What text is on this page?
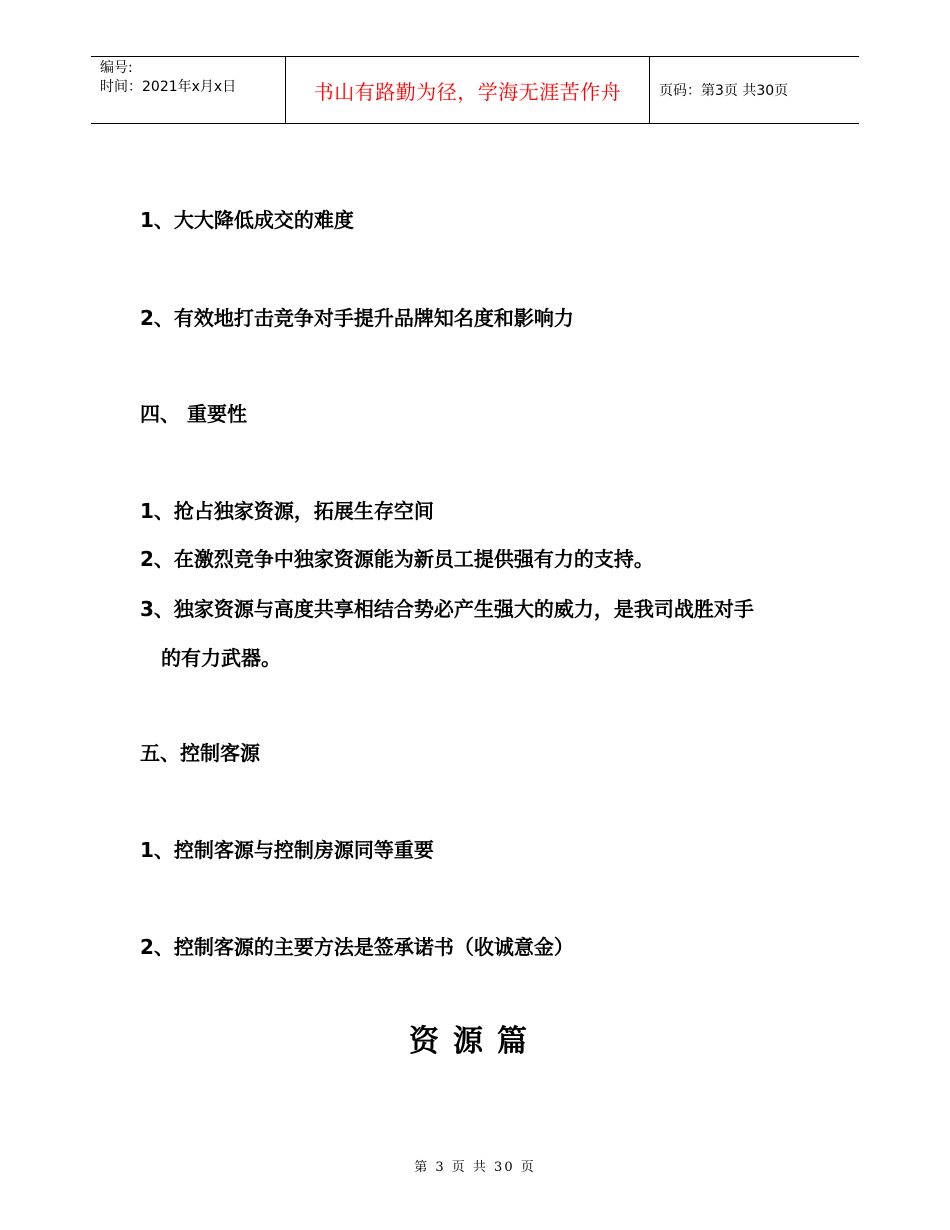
编号:
时间：2021年x月x日	书山有路勤为径，学海无涯苦作舟	页码：第3页 共30页
1、大大降低成交的难度
2、有效地打击竞争对手提升品牌知名度和影响力
四、 重要性
1、抢占独家资源，拓展生存空间
2、在激烈竞争中独家资源能为新员工提供强有力的支持。
3、独家资源与高度共享相结合势必产生强大的威力，是我司战胜对手
的有力武器。
五、控制客源
1、控制客源与控制房源同等重要
2、控制客源的主要方法是签承诺书（收诚意金）
资源篇
第 3 页 共 30 页
